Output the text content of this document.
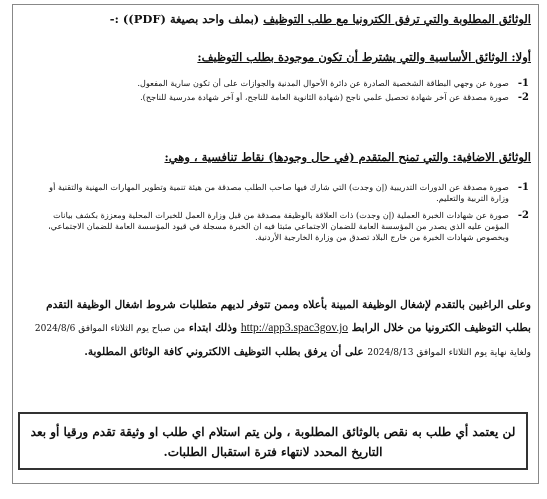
الوثائق المطلوبة والتي ترفق الكترونيا مع طلب التوظيف (بملف واحد بصيغة (PDF)) :-
أولا: الوثائق الأساسية والتي يشترط أن تكون موجودة بطلب التوظيف:
1-
صورة عن وجهي البطاقة الشخصية الصادرة عن دائرة الأحوال المدنية والجوازات على أن تكون سارية المفعول.
2-
صورة مصدقة عن آخر شهادة تحصيل علمي ناجح (شهادة الثانوية العامة للناجح، أو آخر شهادة مدرسية للناجح).
الوثائق الاضافية: والتي تمنح المتقدم (في حال وجودها) نقاط تنافسية ، وهي:
1-
صورة مصدقة عن الدورات التدريبية (إن وجدت) التي شارك فيها صاحب الطلب مصدقة من هيئة تنمية وتطوير المهارات المهنية والتقنية أو وزارة التربية والتعليم.
2-
صورة عن شهادات الخبرة العملية (إن وجدت) ذات العلاقة بالوظيفة مصدقة من قبل وزارة العمل للخبرات المحلية ومعززة بكشف بيانات المؤمن عليه الذي يصدر من المؤسسة العامة للضمان الاجتماعي مثبتا فيه ان الخبرة مسجلة في قيود المؤسسة العامة للضمان الاجتماعي، وبخصوص شهادات الخبرة من خارج البلاد تصدق من وزارة الخارجية الأردنية.
وعلى الراغبين بالتقدم لإشغال الوظيفة المبينة بأعلاه وممن تتوفر لديهم متطلبات شروط اشغال الوظيفة التقدم بطلب التوظيف الكترونيا من خلال الرابط http://app3.spac3gov.jo وذلك ابتداء من صباح يوم الثلاثاء الموافق 2024/8/6 ولغاية نهاية يوم الثلاثاء الموافق 2024/8/13 على أن يرفق بطلب التوظيف الالكتروني كافة الوثائق المطلوبة.
لن يعتمد أي طلب به نقص بالوثائق المطلوبة ، ولن يتم استلام اي طلب او وثيقة تقدم ورقيا أو بعد التاريخ المحدد لانتهاء فترة استقبال الطلبات.
